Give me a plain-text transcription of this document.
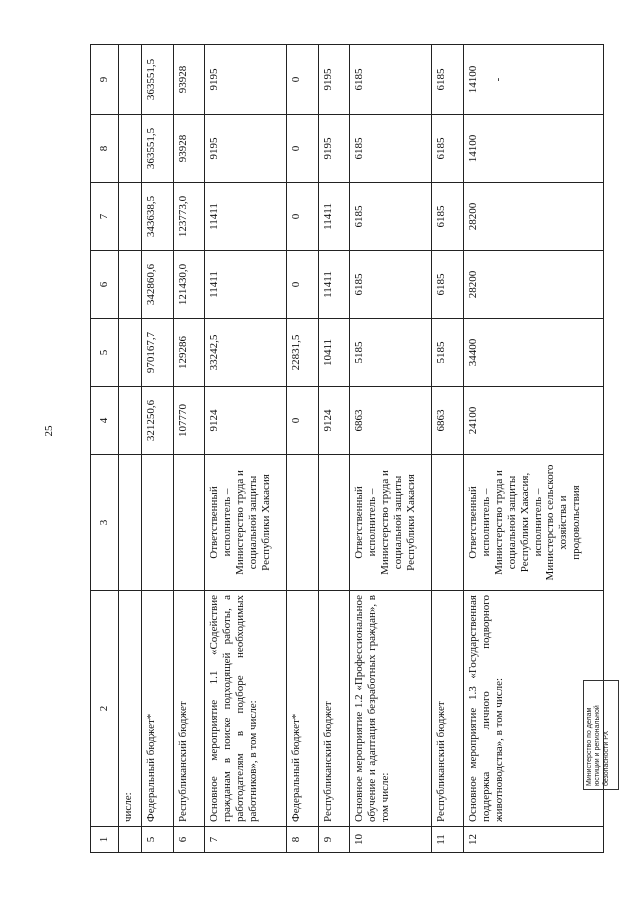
25
1	2	3	4	5	6	7	8	9
	числе:							
5	Федеральный бюджет*		321250,6	970167,7	342860,6	343638,5	363551,5	363551,5
6	Республиканский бюджет		107770	129286	121430,0	123773,0	93928	93928
7	Основное мероприятие 1.1 «Содействие гражданам в поиске подходящей работы, а работодателям в подборе необходимых работников», в том числе:	Ответственный исполнитель – Министерство труда и социальной защиты Республики Хакасия	9124	33242,5	11411	11411	9195	9195
8	Федеральный бюджет*		0	22831,5	0	0	0	0
9	Республиканский бюджет		9124	10411	11411	11411	9195	9195
10	Основное мероприятие 1.2 «Профессиональное обучение и адаптация безработных граждан», в том числе:	Ответственный исполнитель – Министерство труда и социальной защиты Республики Хакасия	6863	5185	6185	6185	6185	6185
11	Республиканский бюджет		6863	5185	6185	6185	6185	6185
12	Основное мероприятие 1.3 «Государственная поддержка личного подворного животноводства», в том числе:	Ответственный исполнитель – Министерство труда и социальной защиты Республики Хакасия, исполнитель – Министерство сельского хозяйства и продовольствия	24100	34400	28200	28200	14100	14100 -
Министерство по делам юстиции и региональной безопасности РХ
